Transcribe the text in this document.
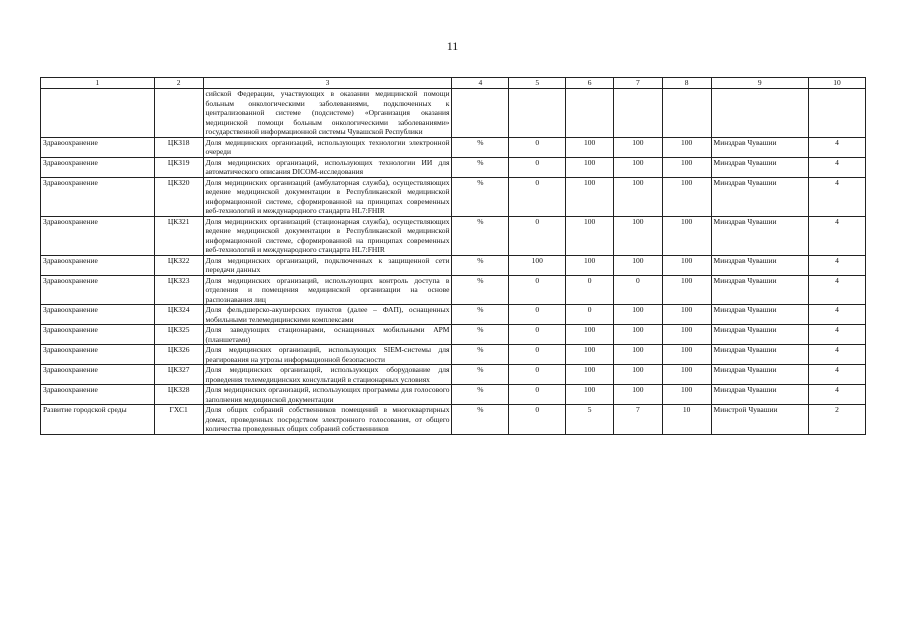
11
1	2	3	4	5	6	7	8	9	10
		сийской Федерации, участвующих в оказании медицинской помощи больным онкологическими заболеваниями, подключенных к централизованной системе (подсистеме) «Организация оказания медицинской помощи больным онкологическими заболеваниями» государственной информационной системы Чувашской Республики							
Здравоохранение	ЦКЗ18	Доля медицинских организаций, использующих технологии электронной очереди	%	0	100	100	100	Минздрав Чувашии	4
Здравоохранение	ЦКЗ19	Доля медицинских организаций, использующих технологии ИИ для автоматического описания DICOM-исследования	%	0	100	100	100	Минздрав Чувашии	4
Здравоохранение	ЦКЗ20	Доля медицинских организаций (амбулаторная служба), осуществляющих ведение медицинской документации в Республиканской медицинской информационной системе, сформированной на принципах современных веб-технологий и международного стандарта HL7:FHIR	%	0	100	100	100	Минздрав Чувашии	4
Здравоохранение	ЦКЗ21	Доля медицинских организаций (стационарная служба), осуществляющих ведение медицинской документации в Республиканской медицинской информационной системе, сформированной на принципах современных веб-технологий и международного стандарта HL7:FHIR	%	0	100	100	100	Минздрав Чувашии	4
Здравоохранение	ЦКЗ22	Доля медицинских организаций, подключенных к защищенной сети передачи данных	%	100	100	100	100	Минздрав Чувашии	4
Здравоохранение	ЦКЗ23	Доля медицинских организаций, использующих контроль доступа в отделения и помещения медицинской организации на основе распознавания лиц	%	0	0	0	100	Минздрав Чувашии	4
Здравоохранение	ЦКЗ24	Доля фельдшерско-акушерских пунктов (далее – ФАП), оснащенных мобильными телемедицинскими комплексами	%	0	0	100	100	Минздрав Чувашии	4
Здравоохранение	ЦКЗ25	Доля заведующих стационарами, оснащенных мобильными АРМ (планшетами)	%	0	100	100	100	Минздрав Чувашии	4
Здравоохранение	ЦКЗ26	Доля медицинских организаций, использующих SIEM-системы для реагирования на угрозы информационной безопасности	%	0	100	100	100	Минздрав Чувашии	4
Здравоохранение	ЦКЗ27	Доля медицинских организаций, использующих оборудование для проведения телемедицинских консультаций в стационарных условиях	%	0	100	100	100	Минздрав Чувашии	4
Здравоохранение	ЦКЗ28	Доля медицинских организаций, использующих программы для голосового заполнения медицинской документации	%	0	100	100	100	Минздрав Чувашии	4
Развитие городской среды	ГХС1	Доля общих собраний собственников помещений в многоквартирных домах, проведенных посредством электронного голосования, от общего количества проведенных общих собраний собственников	%	0	5	7	10	Минстрой Чувашии	2
